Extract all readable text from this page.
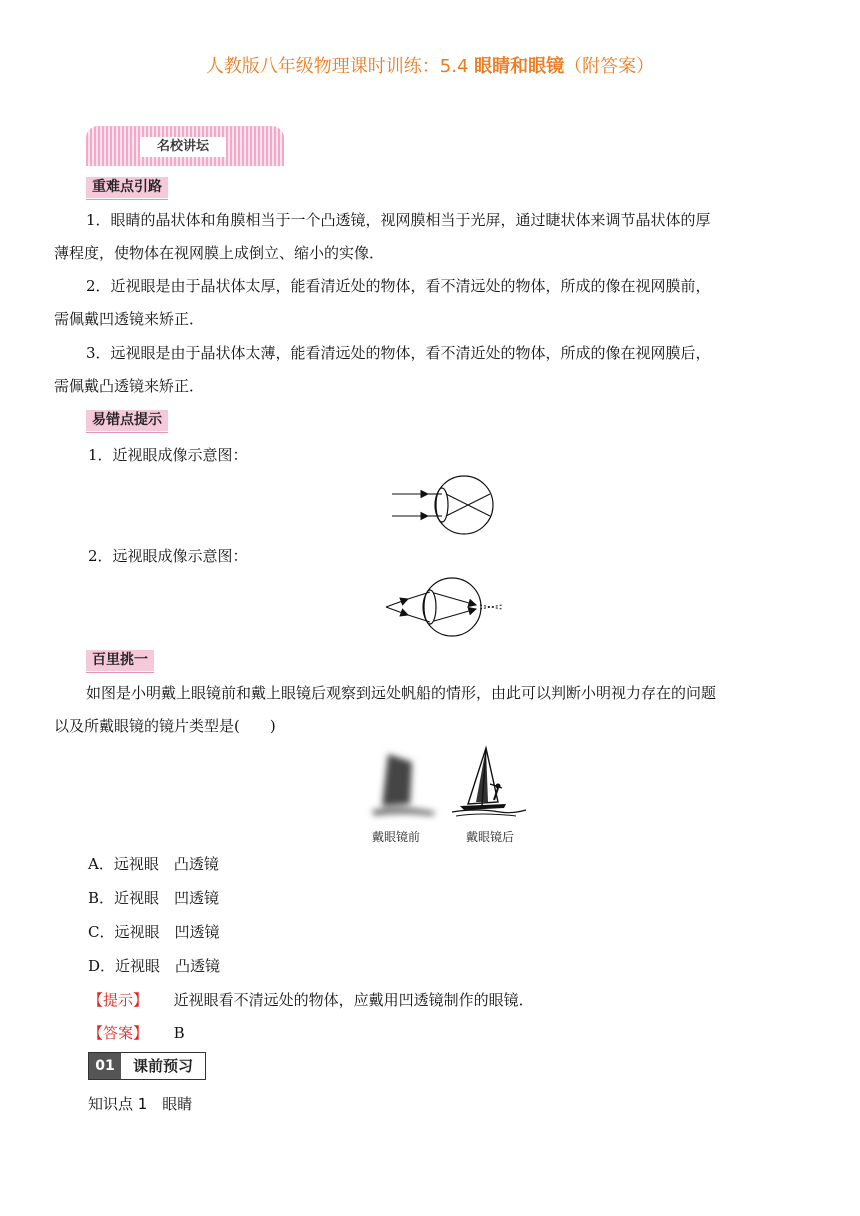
人教版八年级物理课时训练：5.4 眼睛和眼镜（附答案）
名校讲坛
重难点引路
1．眼睛的晶状体和角膜相当于一个凸透镜，视网膜相当于光屏，通过睫状体来调节晶状体的厚
薄程度，使物体在视网膜上成倒立、缩小的实像．
2．近视眼是由于晶状体太厚，能看清近处的物体，看不清远处的物体，所成的像在视网膜前，
需佩戴凹透镜来矫正．
3．远视眼是由于晶状体太薄，能看清远处的物体，看不清近处的物体，所成的像在视网膜后，
需佩戴凸透镜来矫正．
易错点提示
1．近视眼成像示意图：
2．远视眼成像示意图：
百里挑一
如图是小明戴上眼镜前和戴上眼镜后观察到远处帆船的情形，由此可以判断小明视力存在的问题
以及所戴眼镜的镜片类型是(　　)
戴眼镜前	戴眼镜后
A．远视眼　凸透镜
B．近视眼　凹透镜
C．远视眼　凹透镜
D．近视眼　凸透镜
【提示】 近视眼看不清远处的物体，应戴用凹透镜制作的眼镜．
【答案】 B
01	课前预习
知识点 1　眼睛
